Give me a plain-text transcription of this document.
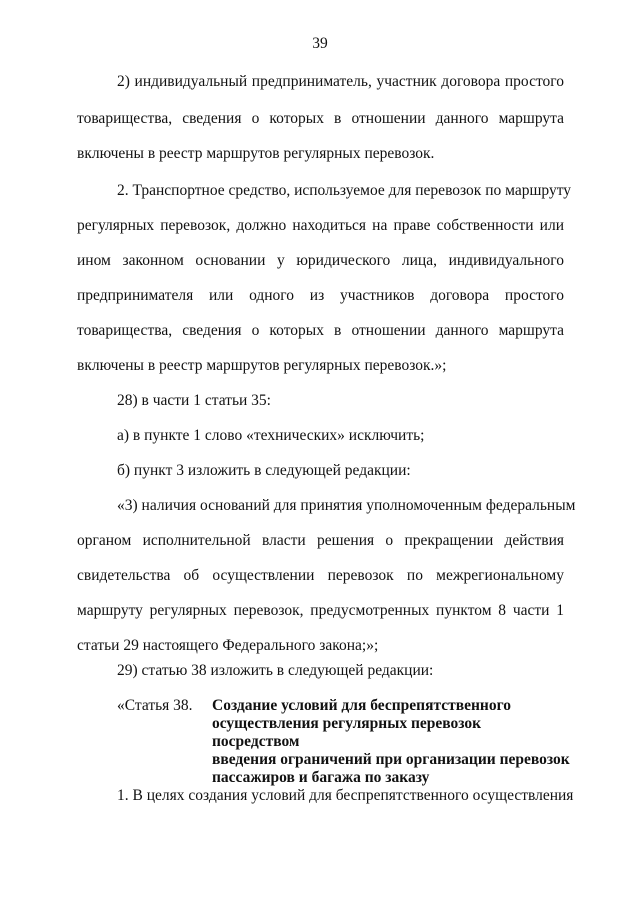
39
2) индивидуальный предприниматель, участник договора простого
товарищества, сведения о которых в отношении данного маршрута
включены в реестр маршрутов регулярных перевозок.
2. Транспортное средство, используемое для перевозок по маршруту
регулярных перевозок, должно находиться на праве собственности или
ином законном основании у юридического лица, индивидуального
предпринимателя или одного из участников договора простого
товарищества, сведения о которых в отношении данного маршрута
включены в реестр маршрутов регулярных перевозок.»;
28) в части 1 статьи 35:
а) в пункте 1 слово «технических» исключить;
б) пункт 3 изложить в следующей редакции:
«3) наличия оснований для принятия уполномоченным федеральным
органом исполнительной власти решения о прекращении действия
свидетельства об осуществлении перевозок по межрегиональному
маршруту регулярных перевозок, предусмотренных пунктом 8 части 1
статьи 29 настоящего Федерального закона;»;
29) статью 38 изложить в следующей редакции:
«Статья 38. Создание условий для беспрепятственного
осуществления регулярных перевозок посредством
введения ограничений при организации перевозок
пассажиров и багажа по заказу
1. В целях создания условий для беспрепятственного осуществления
